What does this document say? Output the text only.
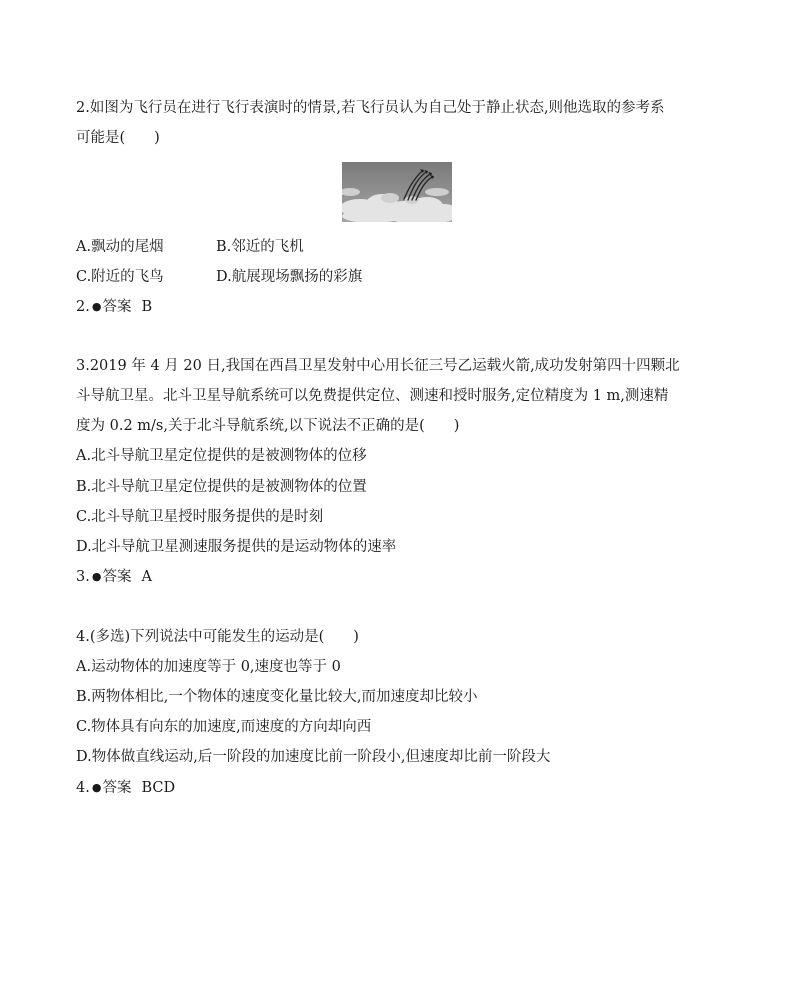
2.如图为飞行员在进行飞行表演时的情景,若飞行员认为自己处于静止状态,则他选取的参考系
可能是(　　)
A.飘动的尾烟	B.邻近的飞机
C.附近的飞鸟	D.航展现场飘扬的彩旗
2. ●答案 B
3.2019 年 4 月 20 日,我国在西昌卫星发射中心用长征三号乙运载火箭,成功发射第四十四颗北
斗导航卫星。北斗卫星导航系统可以免费提供定位、测速和授时服务,定位精度为 1 m,测速精
度为 0.2 m/s,关于北斗导航系统,以下说法不正确的是(　　)
A.北斗导航卫星定位提供的是被测物体的位移
B.北斗导航卫星定位提供的是被测物体的位置
C.北斗导航卫星授时服务提供的是时刻
D.北斗导航卫星测速服务提供的是运动物体的速率
3. ●答案 A
4.(多选)下列说法中可能发生的运动是(　　)
A.运动物体的加速度等于 0,速度也等于 0
B.两物体相比,一个物体的速度变化量比较大,而加速度却比较小
C.物体具有向东的加速度,而速度的方向却向西
D.物体做直线运动,后一阶段的加速度比前一阶段小,但速度却比前一阶段大
4. ●答案 BCD
